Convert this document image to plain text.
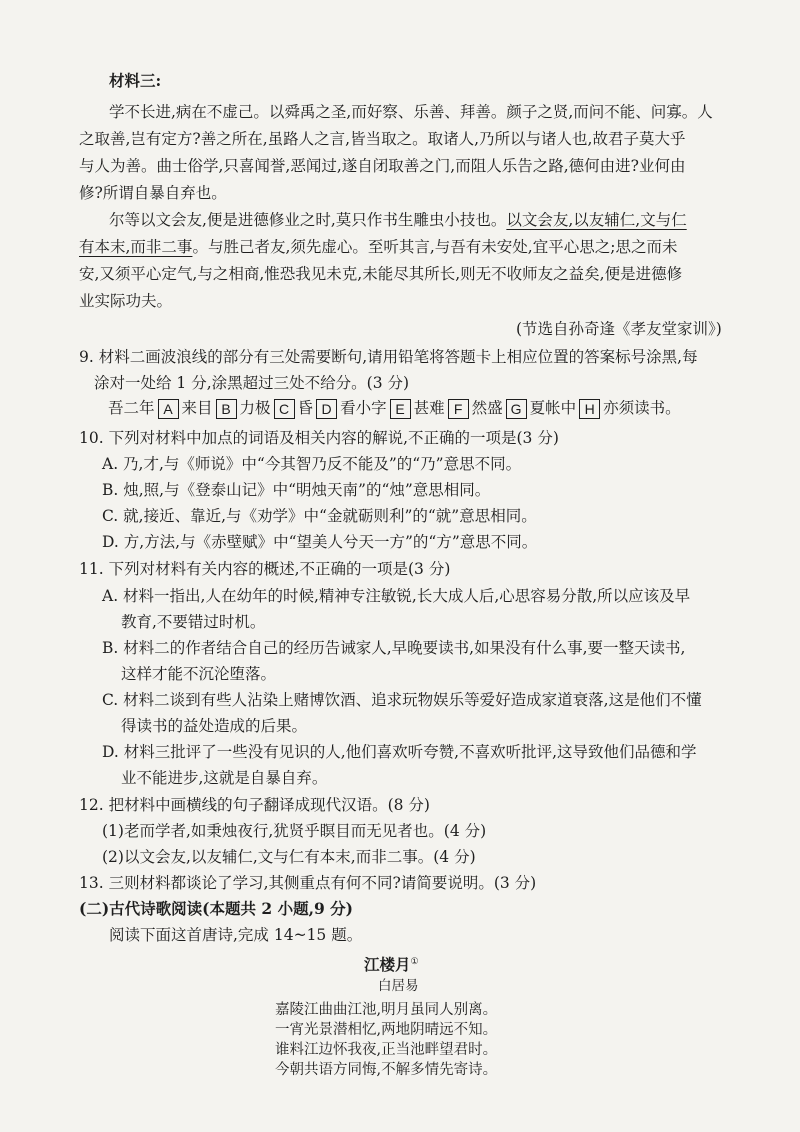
材料三:
学不长进,病在不虚己。以舜禹之圣,而好察、乐善、拜善。颜子之贤,而问不能、问寡。人
之取善,岂有定方?善之所在,虽路人之言,皆当取之。取诸人,乃所以与诸人也,故君子莫大乎
与人为善。曲士俗学,只喜闻誉,恶闻过,遂自闭取善之门,而阻人乐告之路,德何由进?业何由
修?所谓自暴自弃也。
尔等以文会友,便是进德修业之时,莫只作书生雕虫小技也。以文会友,以友辅仁,文与仁
有本末,而非二事。与胜己者友,须先虚心。至听其言,与吾有未安处,宜平心思之;思之而未
安,又须平心定气,与之相商,惟恐我见未克,未能尽其所长,则无不收师友之益矣,便是进德修
业实际功夫。
(节选自孙奇逢《孝友堂家训》)
9. 材料二画波浪线的部分有三处需要断句,请用铅笔将答题卡上相应位置的答案标号涂黑,每
涂对一处给 1 分,涂黑超过三处不给分。(3 分)
吾二年 A 来目 B 力极 C 昏 D 看小字 E 甚难 F 然盛 G 夏帐中 H 亦须读书。
10. 下列对材料中加点的词语及相关内容的解说,不正确的一项是(3 分)
A. 乃,才,与《师说》中“今其智乃反不能及”的“乃”意思不同。
B. 烛,照,与《登泰山记》中“明烛天南”的“烛”意思相同。
C. 就,接近、靠近,与《劝学》中“金就砺则利”的“就”意思相同。
D. 方,方法,与《赤壁赋》中“望美人兮天一方”的“方”意思不同。
11. 下列对材料有关内容的概述,不正确的一项是(3 分)
A. 材料一指出,人在幼年的时候,精神专注敏锐,长大成人后,心思容易分散,所以应该及早
教育,不要错过时机。
B. 材料二的作者结合自己的经历告诫家人,早晚要读书,如果没有什么事,要一整天读书,
这样才能不沉沦堕落。
C. 材料二谈到有些人沾染上赌博饮酒、追求玩物娱乐等爱好造成家道衰落,这是他们不懂
得读书的益处造成的后果。
D. 材料三批评了一些没有见识的人,他们喜欢听夸赞,不喜欢听批评,这导致他们品德和学
业不能进步,这就是自暴自弃。
12. 把材料中画横线的句子翻译成现代汉语。(8 分)
(1)老而学者,如秉烛夜行,犹贤乎瞑目而无见者也。(4 分)
(2)以文会友,以友辅仁,文与仁有本末,而非二事。(4 分)
13. 三则材料都谈论了学习,其侧重点有何不同?请简要说明。(3 分)
(二)古代诗歌阅读(本题共 2 小题,9 分)
阅读下面这首唐诗,完成 14~15 题。
江楼月①
白居易
嘉陵江曲曲江池,明月虽同人别离。
一宵光景潜相忆,两地阴晴远不知。
谁料江边怀我夜,正当池畔望君时。
今朝共语方同悔,不解多情先寄诗。
